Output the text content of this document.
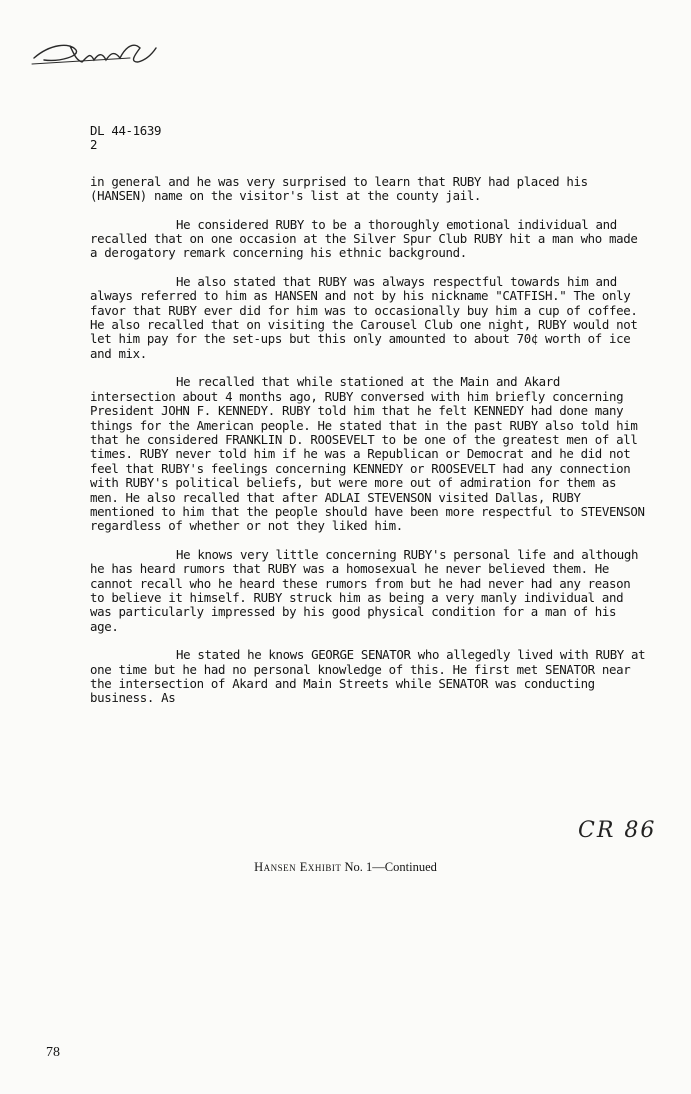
DL 44-1639

2

in general and he was very surprised to learn that RUBY had placed his (HANSEN) name on the visitor's list at the county jail.

He considered RUBY to be a thoroughly emotional individual and recalled that on one occasion at the Silver Spur Club RUBY hit a man who made a derogatory remark concerning his ethnic background.

He also stated that RUBY was always respectful towards him and always referred to him as HANSEN and not by his nickname "CATFISH." The only favor that RUBY ever did for him was to occasionally buy him a cup of coffee. He also recalled that on visiting the Carousel Club one night, RUBY would not let him pay for the set-ups but this only amounted to about 70¢ worth of ice and mix.

He recalled that while stationed at the Main and Akard intersection about 4 months ago, RUBY conversed with him briefly concerning President JOHN F. KENNEDY. RUBY told him that he felt KENNEDY had done many things for the American people. He stated that in the past RUBY also told him that he considered FRANKLIN D. ROOSEVELT to be one of the greatest men of all times. RUBY never told him if he was a Republican or Democrat and he did not feel that RUBY's feelings concerning KENNEDY or ROOSEVELT had any connection with RUBY's political beliefs, but were more out of admiration for them as men. He also recalled that after ADLAI STEVENSON visited Dallas, RUBY mentioned to him that the people should have been more respectful to STEVENSON regardless of whether or not they liked him.

He knows very little concerning RUBY's personal life and although he has heard rumors that RUBY was a homosexual he never believed them. He cannot recall who he heard these rumors from but he had never had any reason to believe it himself. RUBY struck him as being a very manly individual and was particularly impressed by his good physical condition for a man of his age.

He stated he knows GEORGE SENATOR who allegedly lived with RUBY at one time but he had no personal knowledge of this. He first met SENATOR near the intersection of Akard and Main Streets while SENATOR was conducting business. As

CR 86
Hansen Exhibit No. 1—Continued
78
